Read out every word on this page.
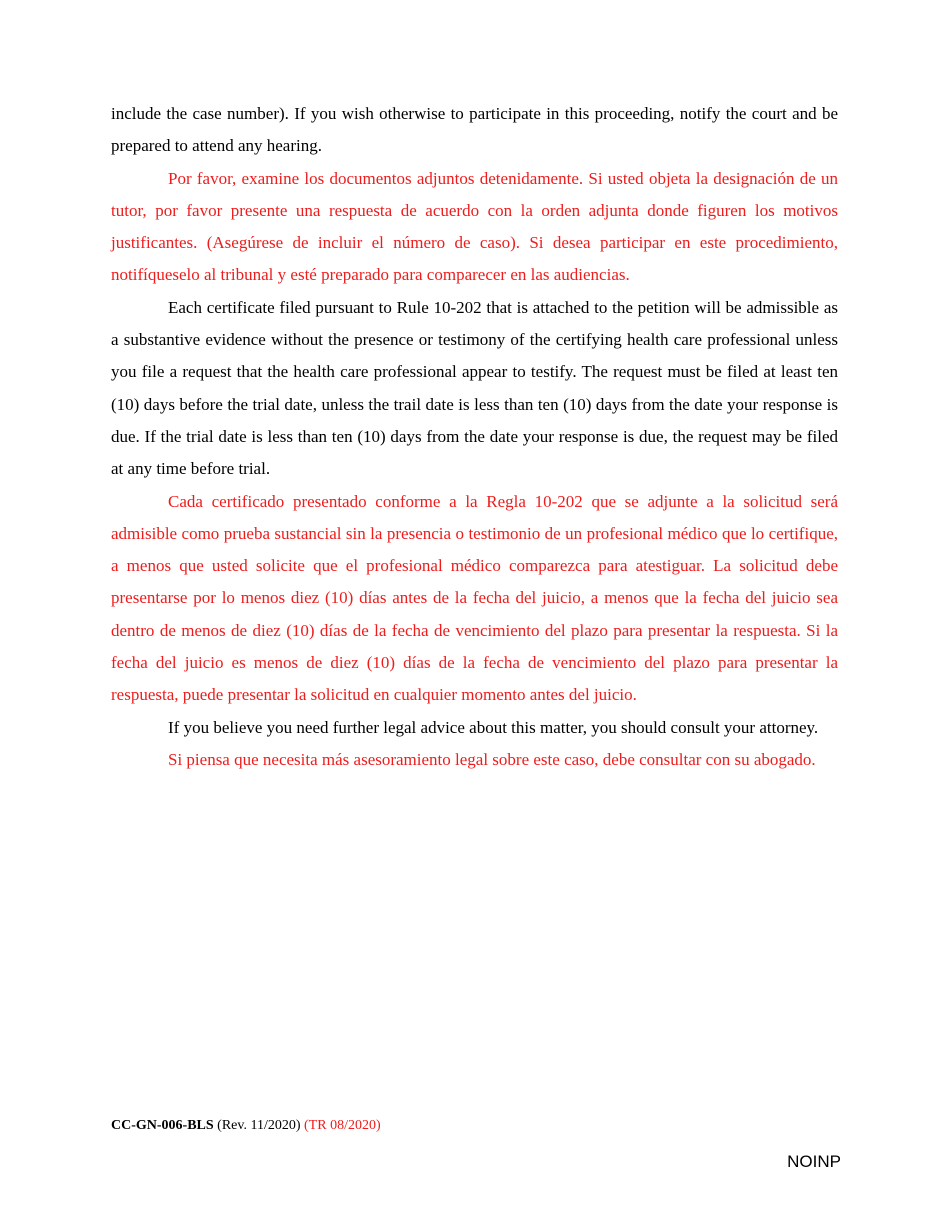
include the case number). If you wish otherwise to participate in this proceeding, notify the court and be prepared to attend any hearing.

Por favor, examine los documentos adjuntos detenidamente. Si usted objeta la designación de un tutor, por favor presente una respuesta de acuerdo con la orden adjunta donde figuren los motivos justificantes. (Asegúrese de incluir el número de caso). Si desea participar en este procedimiento, notifíqueselo al tribunal y esté preparado para comparecer en las audiencias.

Each certificate filed pursuant to Rule 10-202 that is attached to the petition will be admissible as a substantive evidence without the presence or testimony of the certifying health care professional unless you file a request that the health care professional appear to testify. The request must be filed at least ten (10) days before the trial date, unless the trail date is less than ten (10) days from the date your response is due. If the trial date is less than ten (10) days from the date your response is due, the request may be filed at any time before trial.

Cada certificado presentado conforme a la Regla 10-202 que se adjunte a la solicitud será admisible como prueba sustancial sin la presencia o testimonio de un profesional médico que lo certifique, a menos que usted solicite que el profesional médico comparezca para atestiguar. La solicitud debe presentarse por lo menos diez (10) días antes de la fecha del juicio, a menos que la fecha del juicio sea dentro de menos de diez (10) días de la fecha de vencimiento del plazo para presentar la respuesta. Si la fecha del juicio es menos de diez (10) días de la fecha de vencimiento del plazo para presentar la respuesta, puede presentar la solicitud en cualquier momento antes del juicio.

If you believe you need further legal advice about this matter, you should consult your attorney.

Si piensa que necesita más asesoramiento legal sobre este caso, debe consultar con su abogado.

CC-GN-006-BLS (Rev. 11/2020) (TR 08/2020)
NOINP
